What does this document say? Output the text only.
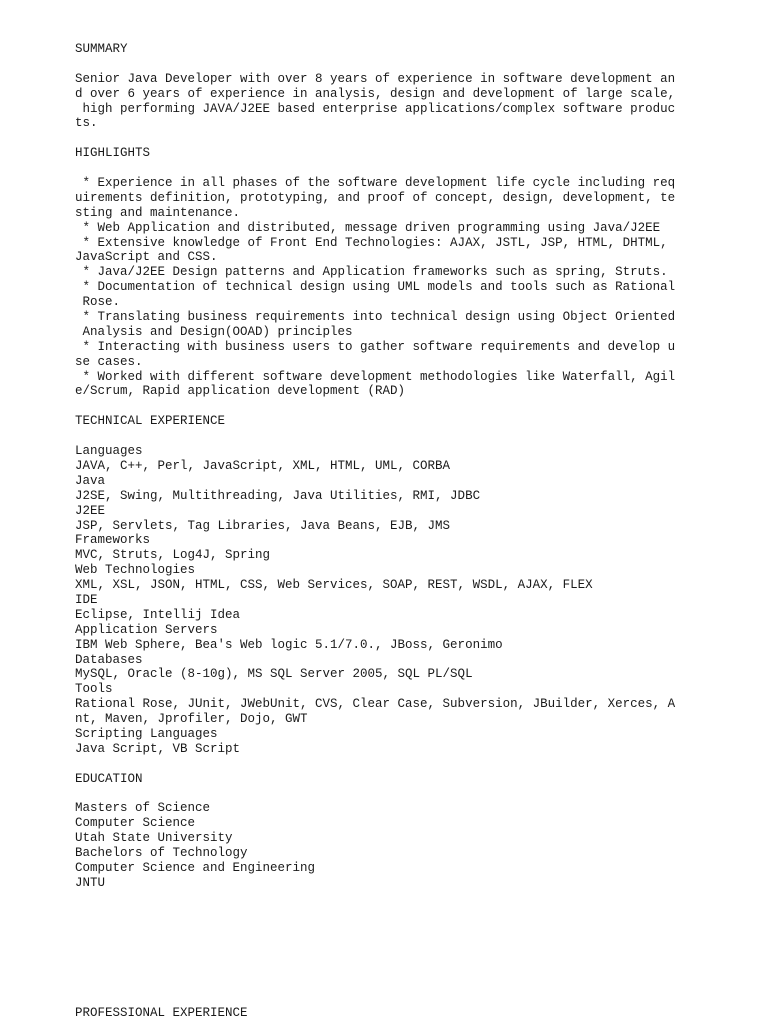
SUMMARY
Senior Java Developer with over 8 years of experience in software development an
d over 6 years of experience in analysis, design and development of large scale,
high performing JAVA/J2EE based enterprise applications/complex software produc
ts.
HIGHLIGHTS
* Experience in all phases of the software development life cycle including req
uirements definition, prototyping, and proof of concept, design, development, te
sting and maintenance.
* Web Application and distributed, message driven programming using Java/J2EE
* Extensive knowledge of Front End Technologies: AJAX, JSTL, JSP, HTML, DHTML,
JavaScript and CSS.
* Java/J2EE Design patterns and Application frameworks such as spring, Struts.
* Documentation of technical design using UML models and tools such as Rational
Rose.
* Translating business requirements into technical design using Object Oriented
Analysis and Design(OOAD) principles
* Interacting with business users to gather software requirements and develop u
se cases.
* Worked with different software development methodologies like Waterfall, Agil
e/Scrum, Rapid application development (RAD)
TECHNICAL EXPERIENCE
Languages
JAVA, C++, Perl, JavaScript, XML, HTML, UML, CORBA
Java
J2SE, Swing, Multithreading, Java Utilities, RMI, JDBC
J2EE
JSP, Servlets, Tag Libraries, Java Beans, EJB, JMS
Frameworks
MVC, Struts, Log4J, Spring
Web Technologies
XML, XSL, JSON, HTML, CSS, Web Services, SOAP, REST, WSDL, AJAX, FLEX
IDE
Eclipse, Intellij Idea
Application Servers
IBM Web Sphere, Bea's Web logic 5.1/7.0., JBoss, Geronimo
Databases
MySQL, Oracle (8-10g), MS SQL Server 2005, SQL PL/SQL
Tools
Rational Rose, JUnit, JWebUnit, CVS, Clear Case, Subversion, JBuilder, Xerces, A
nt, Maven, Jprofiler, Dojo, GWT
Scripting Languages
Java Script, VB Script
EDUCATION
Masters of Science
Computer Science
Utah State University
Bachelors of Technology
Computer Science and Engineering
JNTU
PROFESSIONAL EXPERIENCE
